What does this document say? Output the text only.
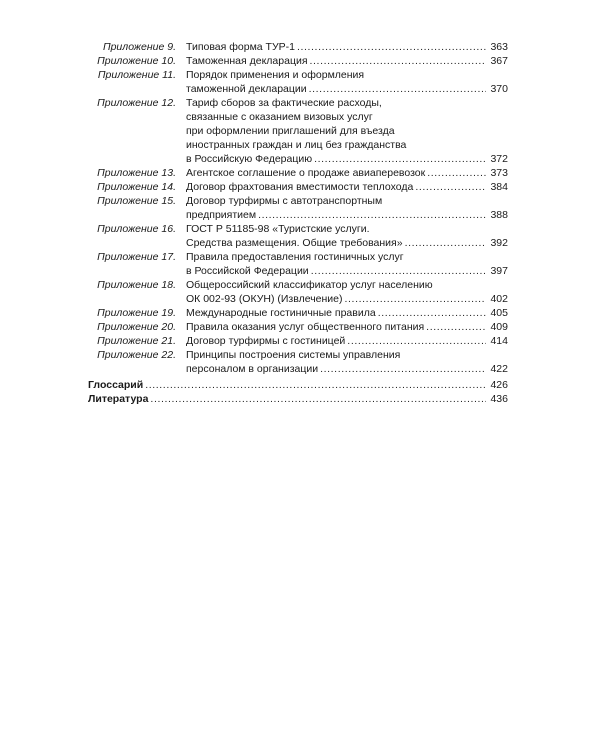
Приложение 9. Типовая форма ТУР-1 .....	363
Приложение 10. Таможенная декларация .....	367
Приложение 11. Порядок применения и оформления
таможенной декларации .....	370
Приложение 12. Тариф сборов за фактические расходы,
связанные с оказанием визовых услуг
при оформлении приглашений для въезда
иностранных граждан и лиц без гражданства
в Российскую Федерацию .....	372
Приложение 13. Агентское соглашение о продаже авиаперевозок .....	373
Приложение 14. Договор фрахтования вместимости теплохода .....	384
Приложение 15. Договор турфирмы с автотранспортным
предприятием .....	388
Приложение 16. ГОСТ Р 51185-98 «Туристские услуги.
Средства размещения. Общие требования» .....	392
Приложение 17. Правила предоставления гостиничных услуг
в Российской Федерации .....	397
Приложение 18. Общероссийский классификатор услуг населению
ОК 002-93 (ОКУН) (Извлечение) .....	402
Приложение 19. Международные гостиничные правила .....	405
Приложение 20. Правила оказания услуг общественного питания .....	409
Приложение 21. Договор турфирмы с гостиницей .....	414
Приложение 22. Принципы построения системы управления
персоналом в организации .....	422
Глоссарий .....	426
Литература .....	436
